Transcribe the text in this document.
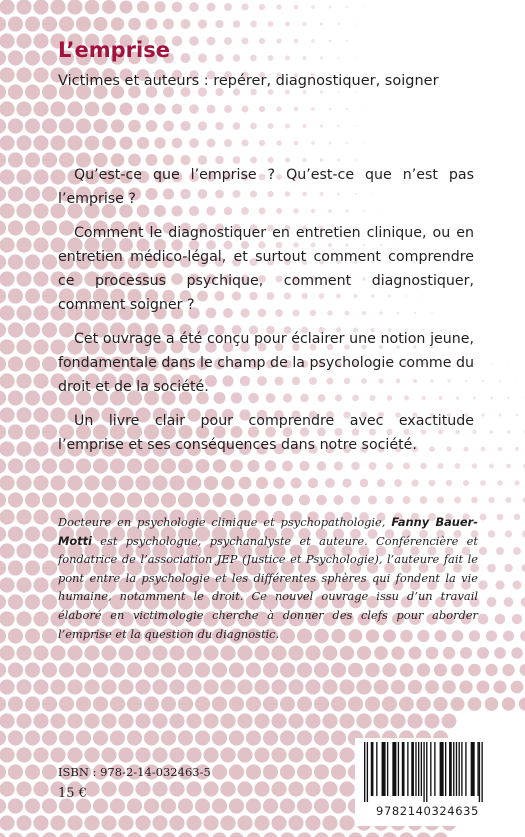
L’emprise

Victimes et auteurs : repérer, diagnostiquer, soigner

Qu’est-ce que l’emprise ? Qu’est-ce que n’est pas l’emprise ?

Comment le diagnostiquer en entretien clinique, ou en entretien médico-légal, et surtout comment comprendre ce processus psychique, comment diagnostiquer, comment soigner ?

Cet ouvrage a été conçu pour éclairer une notion jeune, fondamentale dans le champ de la psychologie comme du droit et de la société.

Un livre clair pour comprendre avec exactitude l’emprise et ses conséquences dans notre société.

Docteure en psychologie clinique et psychopathologie, Fanny Bauer-Motti est psychologue, psychanalyste et auteure. Conférencière et fondatrice de l’association JEP (Justice et Psychologie), l’auteure fait le pont entre la psychologie et les différentes sphères qui fondent la vie humaine, notamment le droit. Ce nouvel ouvrage issu d’un travail élaboré en victimologie cherche à donner des clefs pour aborder l’emprise et la question du diagnostic.

ISBN : 978-2-14-032463-5

15 €

9782140324635
